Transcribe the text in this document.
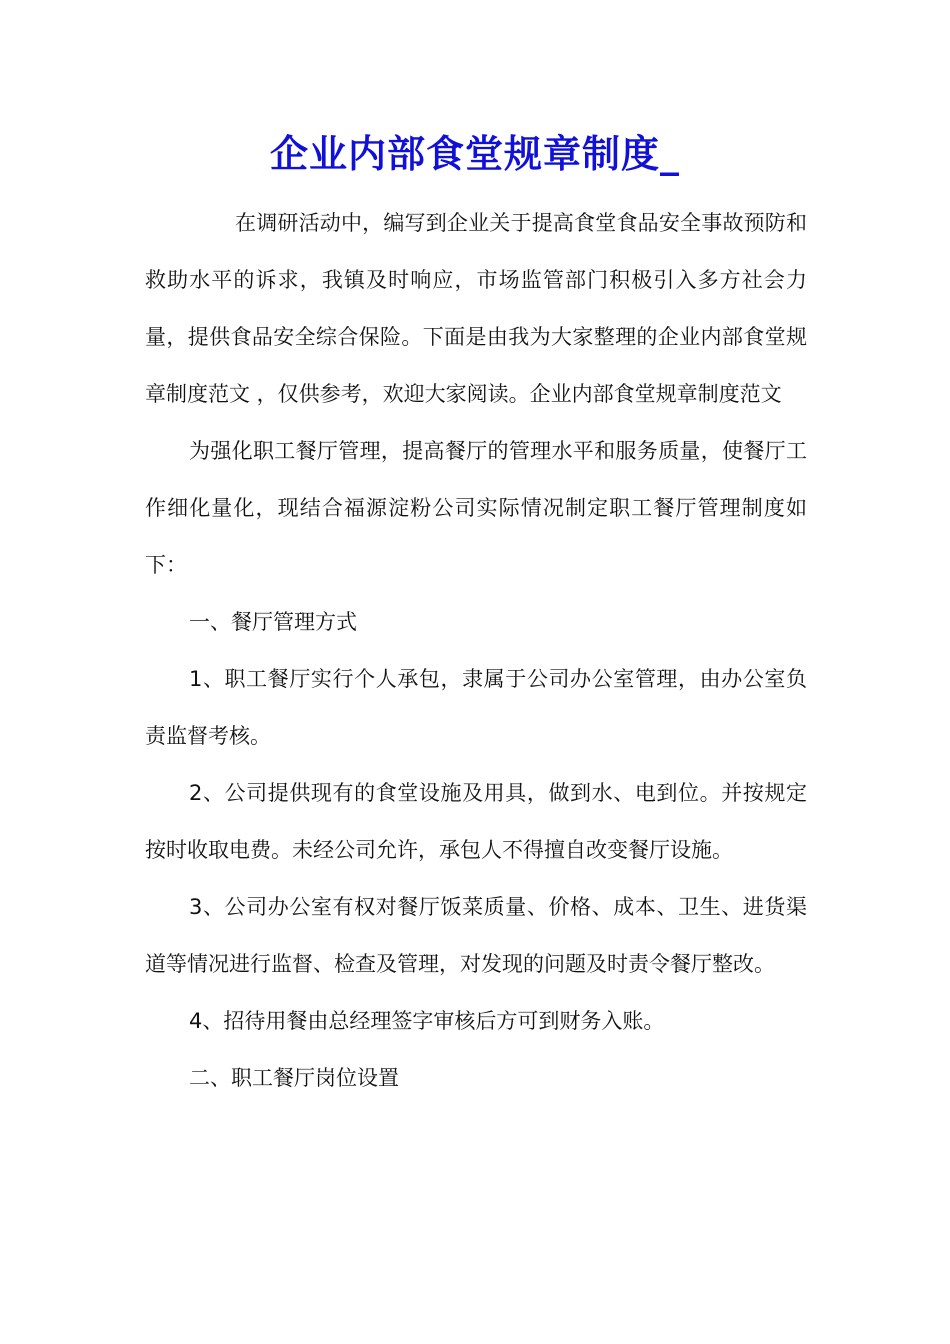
企业内部食堂规章制度_

在调研活动中，编写到企业关于提高食堂食品安全事故预防和救助水平的诉求，我镇及时响应，市场监管部门积极引入多方社会力量，提供食品安全综合保险。下面是由我为大家整理的企业内部食堂规章制度范文 ，仅供参考，欢迎大家阅读。企业内部食堂规章制度范文

为强化职工餐厅管理，提高餐厅的管理水平和服务质量，使餐厅工作细化量化，现结合福源淀粉公司实际情况制定职工餐厅管理制度如下：

一、餐厅管理方式

1、职工餐厅实行个人承包，隶属于公司办公室管理，由办公室负责监督考核。

2、公司提供现有的食堂设施及用具，做到水、电到位。并按规定按时收取电费。未经公司允许，承包人不得擅自改变餐厅设施。

3、公司办公室有权对餐厅饭菜质量、价格、成本、卫生、进货渠道等情况进行监督、检查及管理，对发现的问题及时责令餐厅整改。

4、招待用餐由总经理签字审核后方可到财务入账。

二、职工餐厅岗位设置
